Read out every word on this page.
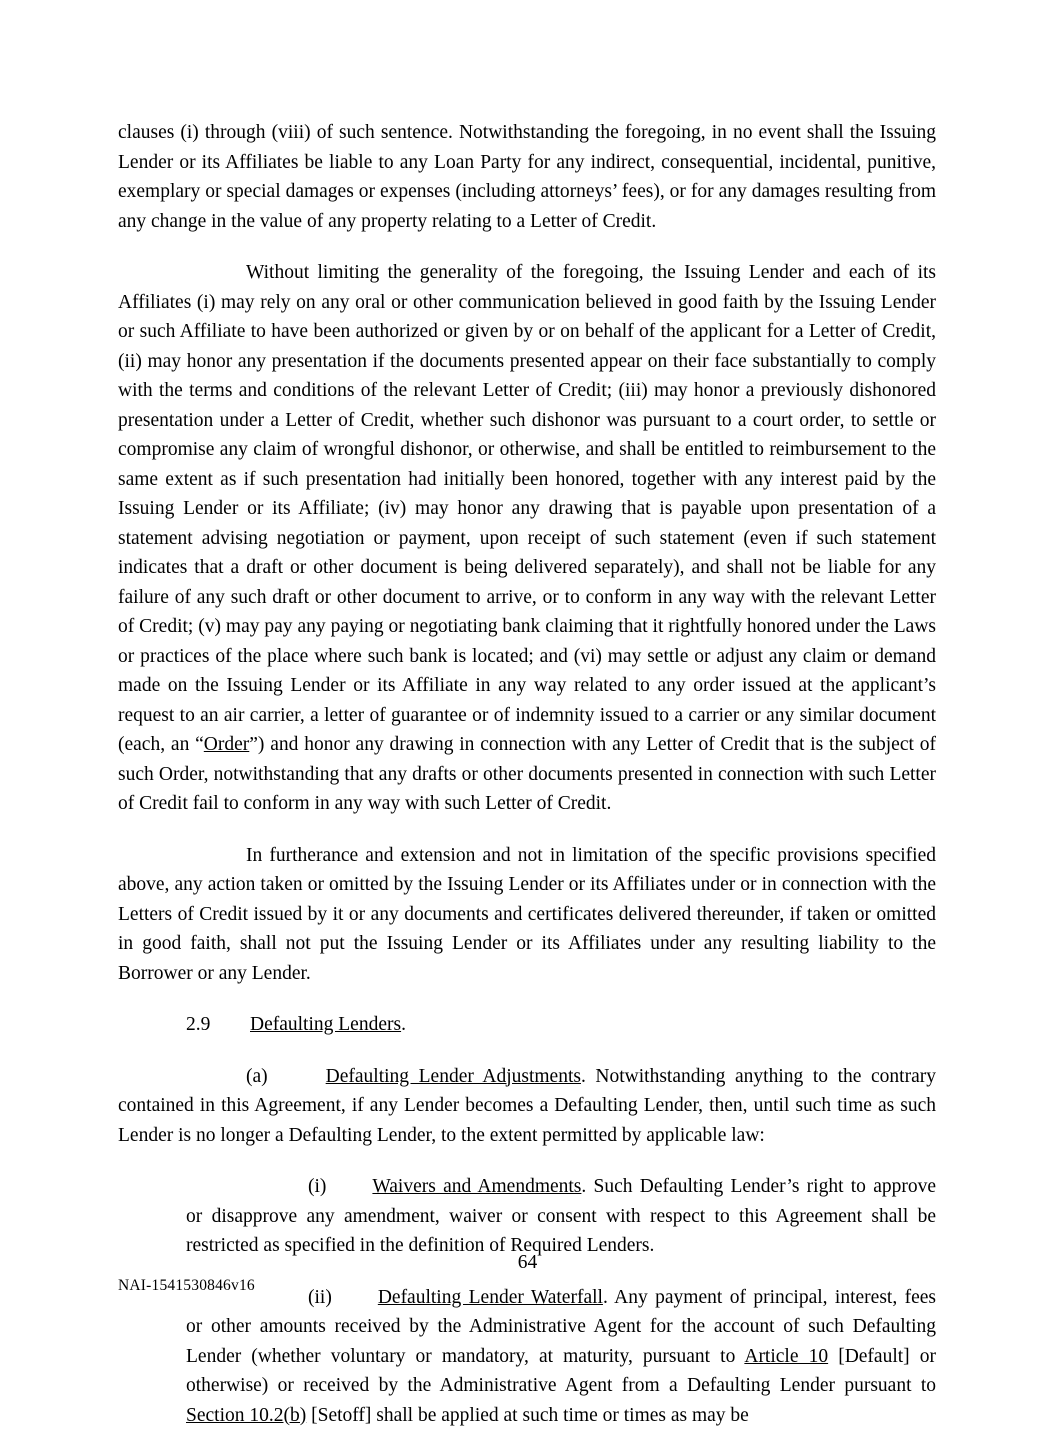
clauses (i) through (viii) of such sentence. Notwithstanding the foregoing, in no event shall the Issuing Lender or its Affiliates be liable to any Loan Party for any indirect, consequential, incidental, punitive, exemplary or special damages or expenses (including attorneys’ fees), or for any damages resulting from any change in the value of any property relating to a Letter of Credit.

Without limiting the generality of the foregoing, the Issuing Lender and each of its Affiliates (i) may rely on any oral or other communication believed in good faith by the Issuing Lender or such Affiliate to have been authorized or given by or on behalf of the applicant for a Letter of Credit, (ii) may honor any presentation if the documents presented appear on their face substantially to comply with the terms and conditions of the relevant Letter of Credit; (iii) may honor a previously dishonored presentation under a Letter of Credit, whether such dishonor was pursuant to a court order, to settle or compromise any claim of wrongful dishonor, or otherwise, and shall be entitled to reimbursement to the same extent as if such presentation had initially been honored, together with any interest paid by the Issuing Lender or its Affiliate; (iv) may honor any drawing that is payable upon presentation of a statement advising negotiation or payment, upon receipt of such statement (even if such statement indicates that a draft or other document is being delivered separately), and shall not be liable for any failure of any such draft or other document to arrive, or to conform in any way with the relevant Letter of Credit; (v) may pay any paying or negotiating bank claiming that it rightfully honored under the Laws or practices of the place where such bank is located; and (vi) may settle or adjust any claim or demand made on the Issuing Lender or its Affiliate in any way related to any order issued at the applicant’s request to an air carrier, a letter of guarantee or of indemnity issued to a carrier or any similar document (each, an “Order”) and honor any drawing in connection with any Letter of Credit that is the subject of such Order, notwithstanding that any drafts or other documents presented in connection with such Letter of Credit fail to conform in any way with such Letter of Credit.

In furtherance and extension and not in limitation of the specific provisions specified above, any action taken or omitted by the Issuing Lender or its Affiliates under or in connection with the Letters of Credit issued by it or any documents and certificates delivered thereunder, if taken or omitted in good faith, shall not put the Issuing Lender or its Affiliates under any resulting liability to the Borrower or any Lender.

2.9 Defaulting Lenders.

(a)	Defaulting Lender Adjustments. Notwithstanding anything to the contrary contained in this Agreement, if any Lender becomes a Defaulting Lender, then, until such time as such Lender is no longer a Defaulting Lender, to the extent permitted by applicable law:

(i) Waivers and Amendments. Such Defaulting Lender’s right to approve or disapprove any amendment, waiver or consent with respect to this Agreement shall be restricted as specified in the definition of Required Lenders.

(ii) Defaulting Lender Waterfall. Any payment of principal, interest, fees or other amounts received by the Administrative Agent for the account of such Defaulting Lender (whether voluntary or mandatory, at maturity, pursuant to Article 10 [Default] or otherwise) or received by the Administrative Agent from a Defaulting Lender pursuant to Section 10.2(b) [Setoff] shall be applied at such time or times as may be

64
NAI-1541530846v16
